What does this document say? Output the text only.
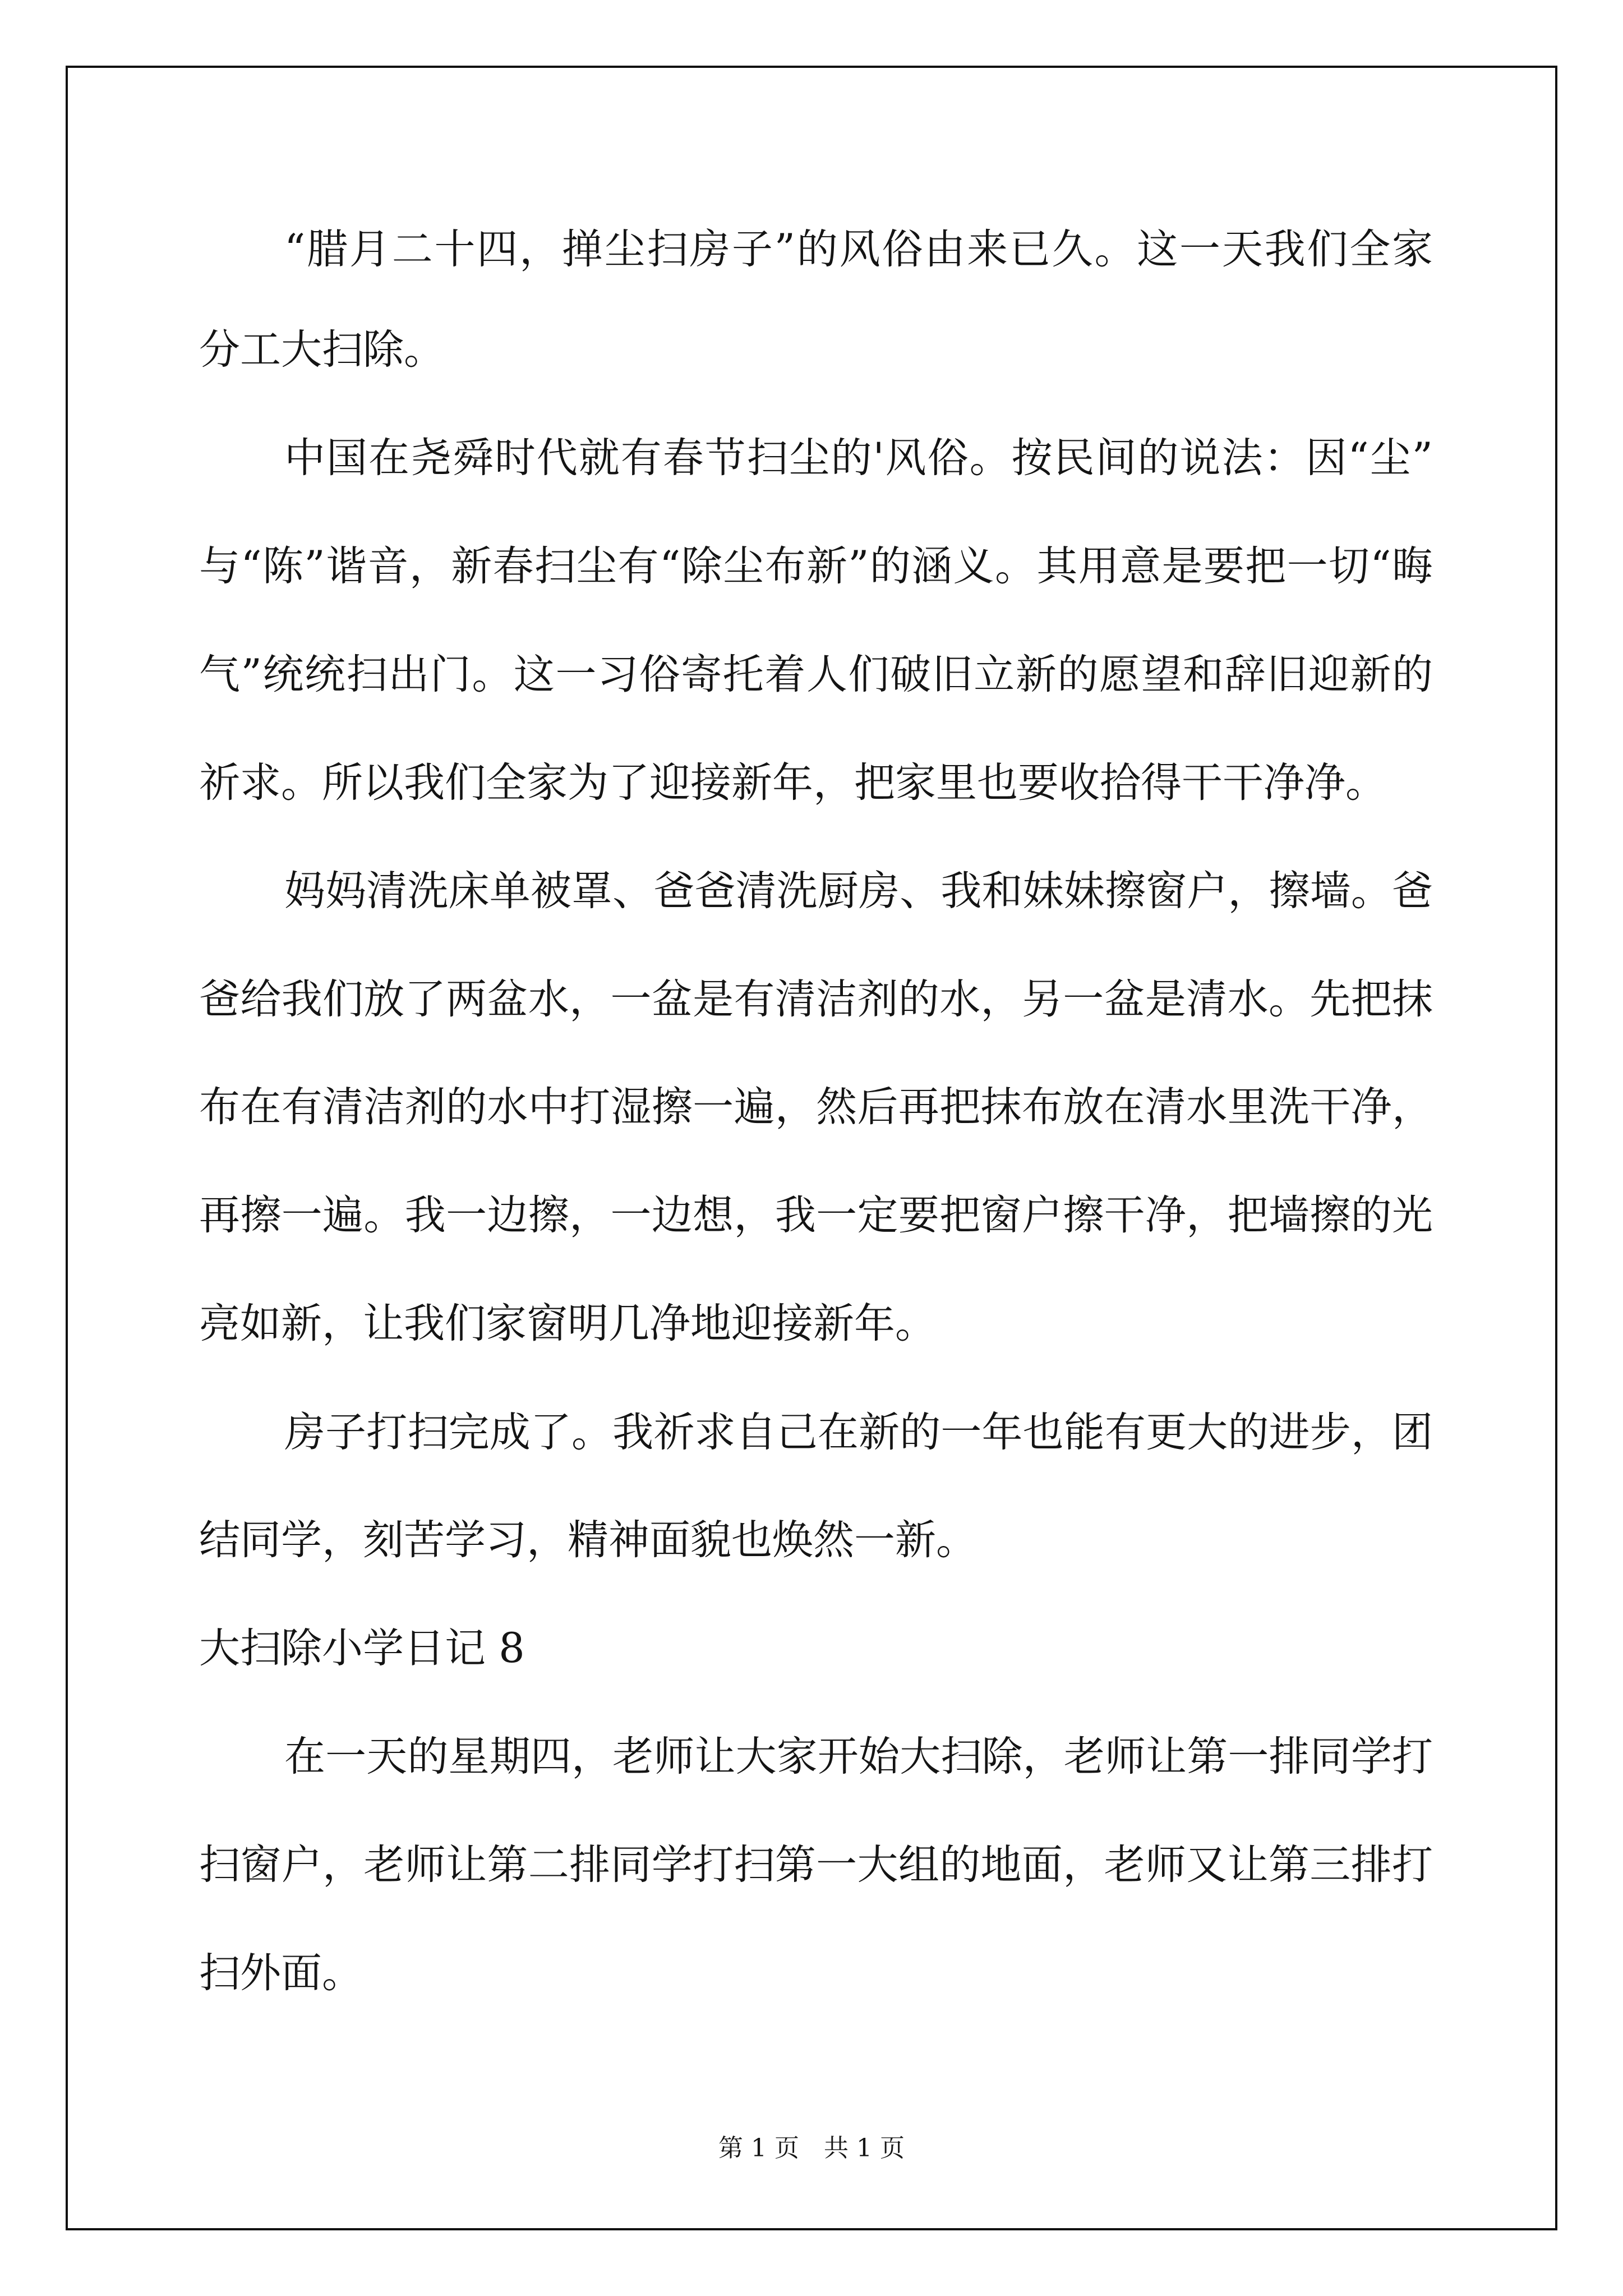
“腊月二十四，掸尘扫房子”的风俗由来已久。这一天我们全家

分工大扫除。

中国在尧舜时代就有春节扫尘的'风俗。按民间的说法：因“尘”

与“陈”谐音，新春扫尘有“除尘布新”的涵义。其用意是要把一切“晦

气”统统扫出门。这一习俗寄托着人们破旧立新的愿望和辞旧迎新的

祈求。所以我们全家为了迎接新年，把家里也要收拾得干干净净。

妈妈清洗床单被罩、爸爸清洗厨房、我和妹妹擦窗户，擦墙。爸

爸给我们放了两盆水，一盆是有清洁剂的水，另一盆是清水。先把抹

布在有清洁剂的水中打湿擦一遍，然后再把抹布放在清水里洗干净，

再擦一遍。我一边擦，一边想，我一定要把窗户擦干净，把墙擦的光

亮如新，让我们家窗明几净地迎接新年。

房子打扫完成了。我祈求自己在新的一年也能有更大的进步，团

结同学，刻苦学习，精神面貌也焕然一新。

大扫除小学日记 8

在一天的星期四，老师让大家开始大扫除，老师让第一排同学打

扫窗户，老师让第二排同学打扫第一大组的地面，老师又让第三排打

扫外面。

第 1 页　共 1 页
